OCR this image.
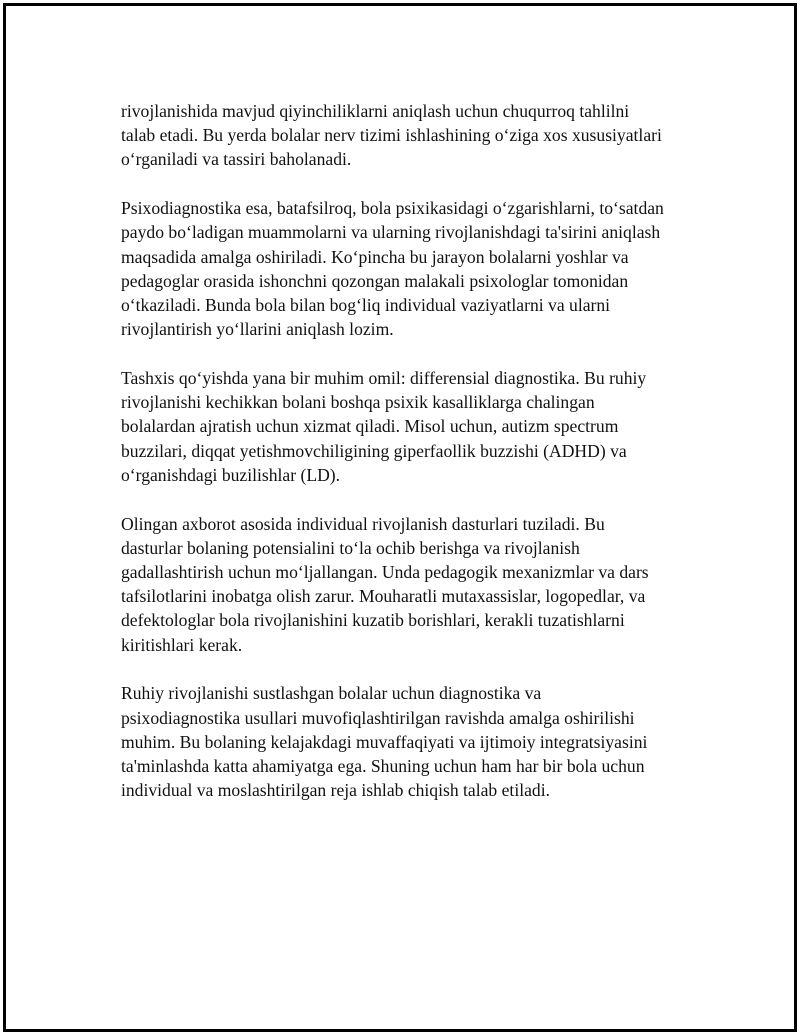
rivojlanishida mavjud qiyinchiliklarni aniqlash uchun chuqurroq tahlilni
talab etadi. Bu yerda bolalar nerv tizimi ishlashining o‘ziga xos xususiyatlari
o‘rganiladi va tassiri baholanadi.

Psixodiagnostika esa, batafsilroq, bola psixikasidagi o‘zgarishlarni, to‘satdan
paydo bo‘ladigan muammolarni va ularning rivojlanishdagi ta'sirini aniqlash
maqsadida amalga oshiriladi. Ko‘pincha bu jarayon bolalarni yoshlar va
pedagoglar orasida ishonchni qozongan malakali psixologlar tomonidan
o‘tkaziladi. Bunda bola bilan bog‘liq individual vaziyatlarni va ularni
rivojlantirish yo‘llarini aniqlash lozim.

Tashxis qo‘yishda yana bir muhim omil: differensial diagnostika. Bu ruhiy
rivojlanishi kechikkan bolani boshqa psixik kasalliklarga chalingan
bolalardan ajratish uchun xizmat qiladi. Misol uchun, autizm spectrum
buzzilari, diqqat yetishmovchiligining giperfaollik buzzishi (ADHD) va
o‘rganishdagi buzilishlar (LD).

Olingan axborot asosida individual rivojlanish dasturlari tuziladi. Bu
dasturlar bolaning potensialini to‘la ochib berishga va rivojlanish
gadallashtirish uchun mo‘ljallangan. Unda pedagogik mexanizmlar va dars
tafsilotlarini inobatga olish zarur. Mouharatli mutaxassislar, logopedlar, va
defektologlar bola rivojlanishini kuzatib borishlari, kerakli tuzatishlarni
kiritishlari kerak.

Ruhiy rivojlanishi sustlashgan bolalar uchun diagnostika va
psixodiagnostika usullari muvofiqlashtirilgan ravishda amalga oshirilishi
muhim. Bu bolaning kelajakdagi muvaffaqiyati va ijtimoiy integratsiyasini
ta'minlashda katta ahamiyatga ega. Shuning uchun ham har bir bola uchun
individual va moslashtirilgan reja ishlab chiqish talab etiladi.
